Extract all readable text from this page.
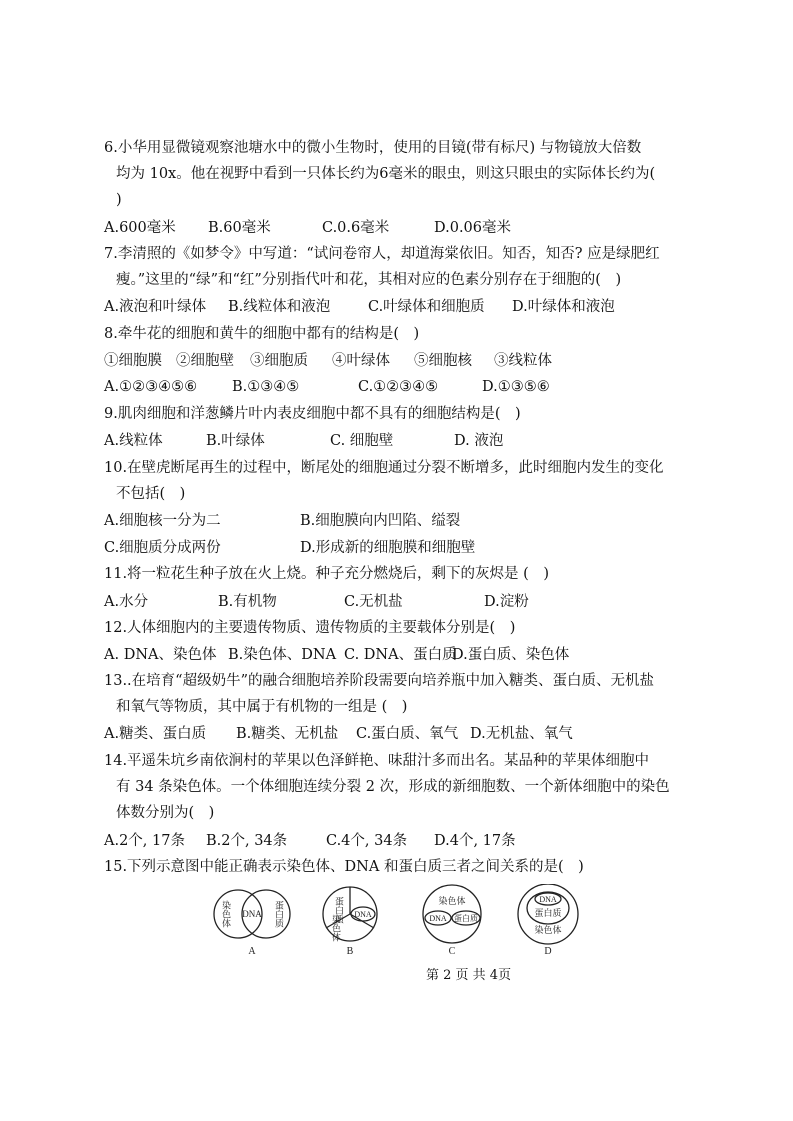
6.小华用显微镜观察池塘水中的微小生物时，使用的目镜(带有标尺) 与物镜放大倍数
均为 10x。他在视野中看到一只体长约为6毫米的眼虫，则这只眼虫的实际体长约为(
)
A.600毫米 B.60毫米	C.0.6毫米	D.0.06毫米
7.李清照的《如梦令》中写道：“试问卷帘人，却道海棠依旧。知否，知否? 应是绿肥红
瘦。”这里的“绿”和“红”分别指代叶和花，其相对应的色素分别存在于细胞的(　)
A.液泡和叶绿体 B.线粒体和液泡	C.叶绿体和细胞质 D.叶绿体和液泡
8.牵牛花的细胞和黄牛的细胞中都有的结构是(　)
①细胞膜 ②细胞壁 ③细胞质 ④叶绿体 ⑤细胞核 ③线粒体
A.①②③④⑤⑥ B.①③④⑤	C.①②③④⑤	D.①③⑤⑥
9.肌肉细胞和洋葱鳞片叶内表皮细胞中都不具有的细胞结构是(　)
A.线粒体	B.叶绿体	C. 细胞壁	D. 液泡
10.在壁虎断尾再生的过程中，断尾处的细胞通过分裂不断增多，此时细胞内发生的变化
不包括(　)
A.细胞核一分为二	B.细胞膜向内凹陷、缢裂
C.细胞质分成两份	D.形成新的细胞膜和细胞壁
11.将一粒花生种子放在火上烧。种子充分燃烧后，剩下的灰烬是 (　)
A.水分	B.有机物	C.无机盐	D.淀粉
12.人体细胞内的主要遗传物质、遗传物质的主要载体分别是(　)
A. DNA、染色体 B.染色体、DNA C. DNA、蛋白质
D.蛋白质、染色体
13..在培育“超级奶牛”的融合细胞培养阶段需要向培养瓶中加入糖类、蛋白质、无机盐
和氧气等物质，其中属于有机物的一组是 (　)
A.糖类、蛋白质 B.糖类、无机盐 C.蛋白质、氧气 D.无机盐、氧气
14.平遥朱坑乡南依涧村的苹果以色泽鲜艳、味甜汁多而出名。某品种的苹果体细胞中
有 34 条染色体。一个体细胞连续分裂 2 次，形成的新细胞数、一个新体细胞中的染色
体数分别为(　)
A.2个, 17条 B.2个, 34条	C.4个, 34条 D.4个, 17条
15.下列示意图中能正确表示染色体、DNA 和蛋白质三者之间关系的是(　)
染色体 DNA 蛋白质
A
蛋白质
染色体 DNA
B
染色体
DNA 蛋白质
C
DNA
蛋白质
染色体
D
第 2 页 共 4页
